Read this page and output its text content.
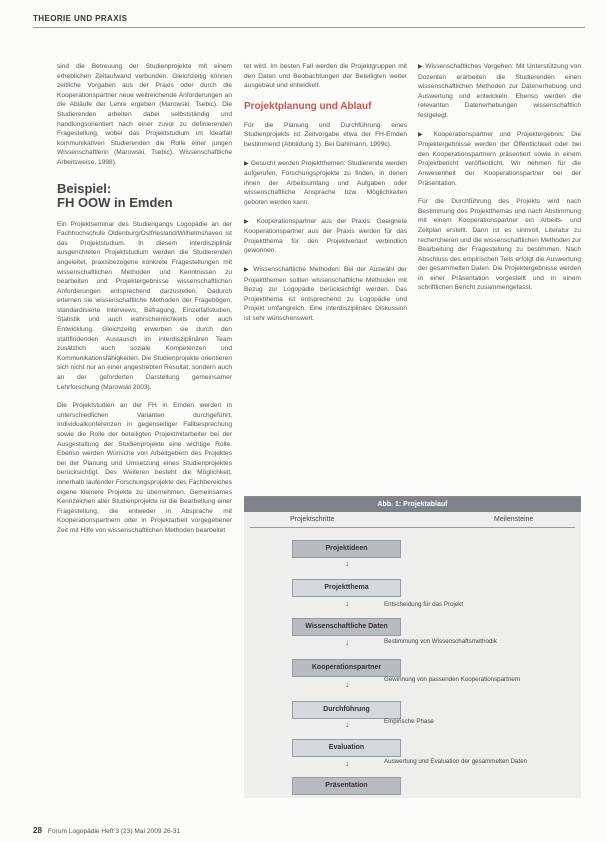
THEORIE UND PRAXIS

sind die Betreuung der Studienprojekte mit einem erheblichen Zeitaufwand verbunden. Gleichzeitig können zeitliche Vorgaben aus der Praxis oder durch die Kooperationspartner neue weitreichende Anforderungen an die Abläufe der Lehre ergeben (Marowski, Tsebic). Die Studierenden arbeiten dabei selbstständig und handlungsorientiert nach einer zuvor zu definierenden Fragestellung, wobei das Projektstudium im Idealfall kommunikativen Studierenden die Rolle einer jungen Wissenschaftlerin (Marowski, Tsebic). Wissenschaftliche Arbeitsweise, 1998).

Beispiel:
FH OOW in Emden

Ein Projektseminar des Studiengangs Logopädie an der Fachhochschule Oldenburg/Ostfriesland/Wilhelmshaven ist das Projektstudium. In diesem interdisziplinär ausgerichteten Projektstudium werden die Studierenden angeleitet, praxisbezogene konkrete Fragestellungen mit wissenschaftlichen Methoden und Kenntnissen zu bearbeiten und Projektergebnisse wissenschaftlichen Anforderungen entsprechend darzustellen. Dadurch erlernen sie wissenschaftliche Methoden der Fragebögen, standardisierte Interviews, Befragung, Einzelfallstudien, Statistik und auch wahrscheinlichkeits oder auch Entwicklung. Gleichzeitig erwerben sie durch den stattfindenden Austausch im interdisziplinären Team zusätzlich auch soziale Kompetenzen und Kommunikationsfähigkeiten. Die Studienprojekte orientieren sich nicht nur an einer angestrebten Resultat, sondern auch an der geforderten Darstellung gemeinsamer Lehrforschung (Marowski 2003).

Die Projektstudien an der FH in Emden werden in unterschiedlichen Varianten durchgeführt, Individualkonferenzen in gegenseitiger Fallbesprechung sowie die Rolle der beteiligten Projektmitarbeiter bei der Ausgestaltung der Studienprojekte eine wichtige Rolle. Ebenso werden Wünsche von Arbeitgebern des Projektes bei der Planung und Umsetzung eines Studienprojektes berücksichtigt. Des Weiteren besteht die Möglichkeit, innerhalb laufender Forschungsprojekte des Fachbereiches eigene kleinere Projekte zu übernehmen. Gemeinsames Kennzeichen aller Studienprojekte ist die Bearbeitung einer Fragestellung, die entweder in Absprache mit Kooperationspartnern oder in Projektarbeit vorgegebener Zeit mit Hilfe von wissenschaftlichen Methoden bearbeitet

tet wird. Im besten Fall werden die Projektgruppen mit den Daten und Beobachtungen der Beteiligten weiter ausgebaut und entwickelt.

Projektplanung und Ablauf

Für die Planung und Durchführung eines Studienprojekts ist Zeitvorgabe etwa der FH-Emden bestimmend (Abbildung 1). Bei Dahlmann, 1999c).

▶ Gesucht werden Projektthemen: Studierende werden aufgerufen, Forschungsprojekte zu finden, in denen ihnen der Arbeitsumfang und Aufgaben oder wissenschaftliche Ansprache bzw. Möglichkeiten geboten werden kann.
▶ Kooperationspartner aus der Praxis: Geeignete Kooperationspartner aus der Praxis werden für das Projektthema für den Projektverlauf verbindlich gewonnen.
▶ Wissenschaftliche Methoden: Bei der Auswahl der Projektthemen sollten wissenschaftliche Methoden mit Bezug zur Logopädie berücksichtigt werden. Das Projektthema ist entsprechend zu Logopädie und Projekt umfangreich. Eine interdisziplinäre Diskussion ist sehr wünschenswert.
▶ Wissenschaftliches Vorgehen: Mit Unterstützung von Dozenten erarbeiten die Studierenden einen wissenschaftlichen Methoden zur Datenerhebung und Auswertung und entwickeln. Ebenso werden die relevanten Datenerhebungen wissenschaftlich festgelegt.
▶ Kooperationspartner und Projektergebnis: Die Projektergebnisse werden der Öffentlichkeit oder bei den Kooperationspartnern präsentiert sowie in einem Projektbericht veröffentlicht. Wir nehmen für die Anwesenheit der Kooperationspartner bei der Präsentation.

Für die Durchführung des Projekts wird nach Bestimmung des Projektthemas und nach Abstimmung mit einem Kooperationspartner ein Arbeits- und Zeitplan erstellt. Dann ist es sinnvoll, Literatur zu recherchieren und die wissenschaftlichen Methoden zur Bearbeitung der Fragestellung zu bestimmen. Nach Abschluss des empirischen Teils erfolgt die Auswertung der gesammelten Daten. Die Projektergebnisse werden in einer Präsentation vorgestellt und in einem schriftlichen Bericht zusammengefasst.

Abb. 1: Projektablauf
Projektschritte	Meilensteine
Projektideen
↓
Projektthema
↓
Wissenschaftliche Daten
↓
Kooperationspartner
↓
Durchführung
↓
Evaluation
↓
Präsentation
Entscheidung für das Projekt
Bestimmung von Wissenschaftsmethodik
Gewinnung von passenden Kooperationspartnern
Empirische Phase
Auswertung und Evaluation der gesammelten Daten
28 Forum Logopädie Heft 3 (23) Mai 2009 26-31
